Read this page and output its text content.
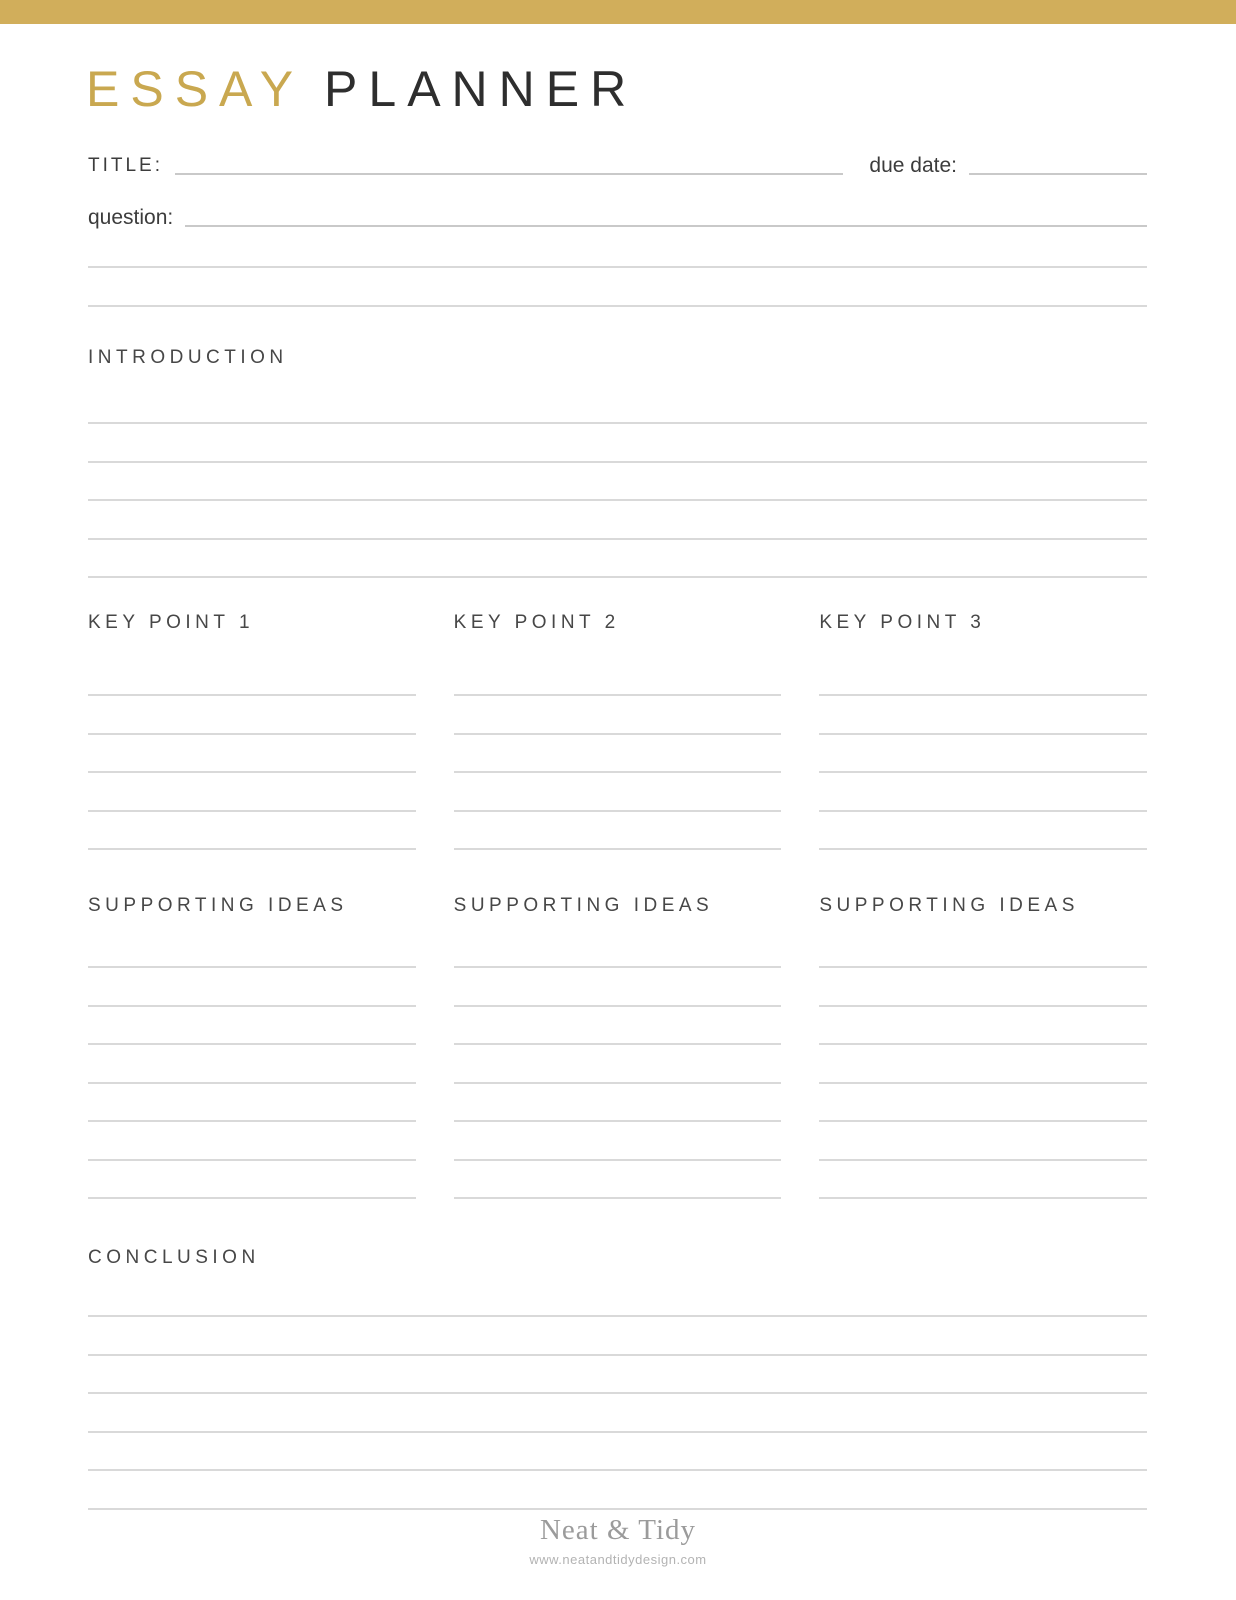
ESSAY PLANNER
TITLE:	due date:
question:
INTRODUCTION
KEY POINT 1	KEY POINT 2	KEY POINT 3
SUPPORTING IDEAS	SUPPORTING IDEAS	SUPPORTING IDEAS
CONCLUSION

Neat & Tidy

www.neatandtidydesign.com
